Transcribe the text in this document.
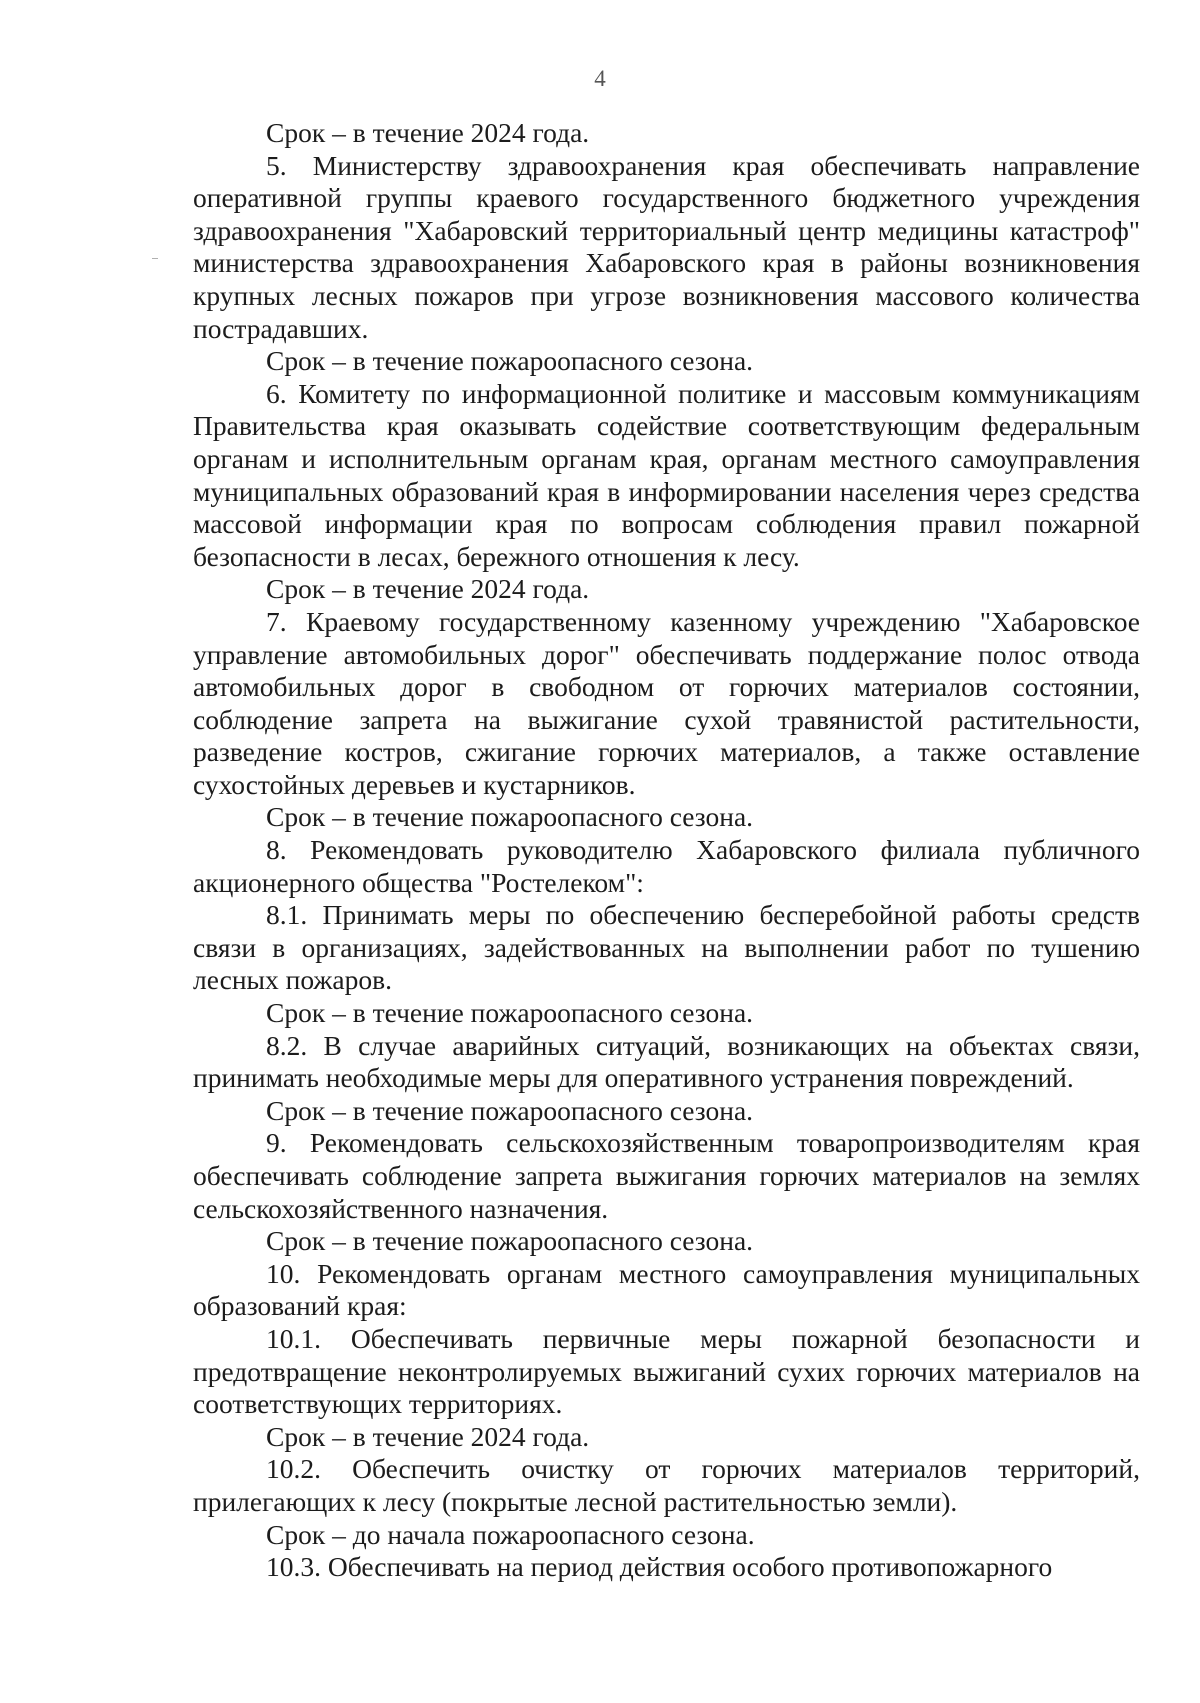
4

Срок – в течение 2024 года.

5. Министерству здравоохранения края обеспечивать направление оперативной группы краевого государственного бюджетного учреждения здравоохранения "Хабаровский территориальный центр медицины катастроф" министерства здравоохранения Хабаровского края в районы возникновения крупных лесных пожаров при угрозе возникновения массового количества пострадавших.

Срок – в течение пожароопасного сезона.

6. Комитету по информационной политике и массовым коммуникациям Правительства края оказывать содействие соответствующим федеральным органам и исполнительным органам края, органам местного самоуправления муниципальных образований края в информировании населения через средства массовой информации края по вопросам соблюдения правил пожарной безопасности в лесах, бережного отношения к лесу.

Срок – в течение 2024 года.

7. Краевому государственному казенному учреждению "Хабаровское управление автомобильных дорог" обеспечивать поддержание полос отвода автомобильных дорог в свободном от горючих материалов состоянии, соблюдение запрета на выжигание сухой травянистой растительности, разведение костров, сжигание горючих материалов, а также оставление сухостойных деревьев и кустарников.

Срок – в течение пожароопасного сезона.

8. Рекомендовать руководителю Хабаровского филиала публичного акционерного общества "Ростелеком":

8.1. Принимать меры по обеспечению бесперебойной работы средств связи в организациях, задействованных на выполнении работ по тушению лесных пожаров.

Срок – в течение пожароопасного сезона.

8.2. В случае аварийных ситуаций, возникающих на объектах связи, принимать необходимые меры для оперативного устранения повреждений.

Срок – в течение пожароопасного сезона.

9. Рекомендовать сельскохозяйственным товаропроизводителям края обеспечивать соблюдение запрета выжигания горючих материалов на землях сельскохозяйственного назначения.

Срок – в течение пожароопасного сезона.

10. Рекомендовать органам местного самоуправления муниципальных образований края:

10.1. Обеспечивать первичные меры пожарной безопасности и предотвращение неконтролируемых выжиганий сухих горючих материалов на соответствующих территориях.

Срок – в течение 2024 года.

10.2. Обеспечить очистку от горючих материалов территорий, прилегающих к лесу (покрытые лесной растительностью земли).

Срок – до начала пожароопасного сезона.

10.3. Обеспечивать на период действия особого противопожарного
